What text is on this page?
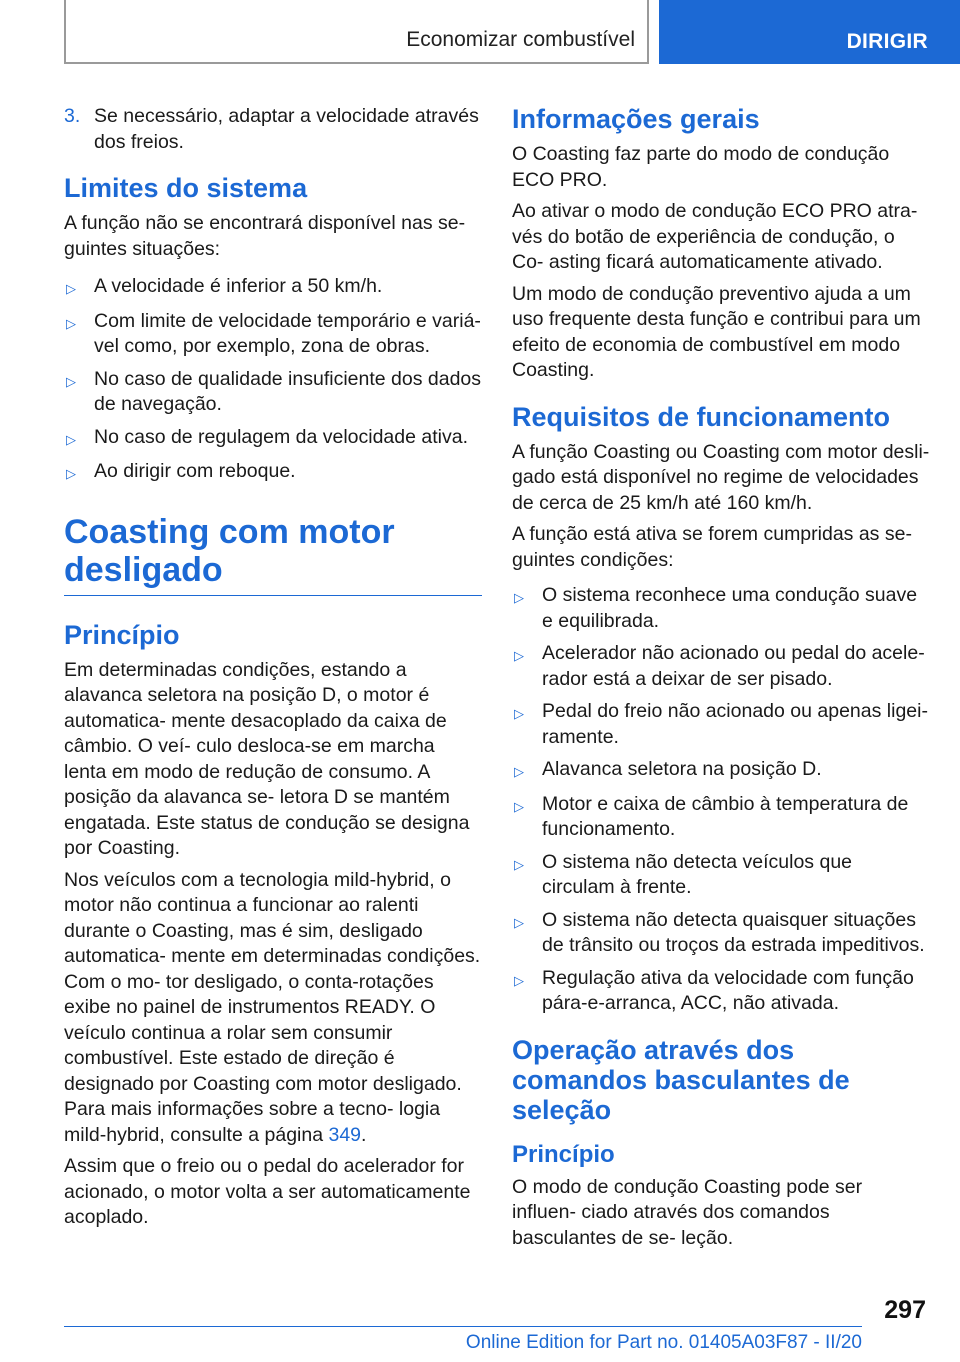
Economizar combustível	DIRIGIR
3. Se necessário, adaptar a velocidade através dos freios.
Limites do sistema

A função não se encontrará disponível nas se‐ guintes situações:

▷ A velocidade é inferior a 50 km/h.
▷ Com limite de velocidade temporário e variá‐ vel como, por exemplo, zona de obras.
▷ No caso de qualidade insuficiente dos dados de navegação.
▷ No caso de regulagem da velocidade ativa.
▷ Ao dirigir com reboque.
Coasting com motor desligado
Princípio

Em determinadas condições, estando a alavanca seletora na posição D, o motor é automatica‐ mente desacoplado da caixa de câmbio. O veí‐ culo desloca-se em marcha lenta em modo de redução de consumo. A posição da alavanca se‐ letora D se mantém engatada. Este status de condução se designa por Coasting.

Nos veículos com a tecnologia mild-hybrid, o motor não continua a funcionar ao ralenti durante o Coasting, mas é sim, desligado automatica‐ mente em determinadas condições. Com o mo‐ tor desligado, o conta-rotações exibe no painel de instrumentos READY. O veículo continua a rolar sem consumir combustível. Este estado de direção é designado por Coasting com motor desligado. Para mais informações sobre a tecno‐ logia mild-hybrid, consulte a página 349.

Assim que o freio ou o pedal do acelerador for acionado, o motor volta a ser automaticamente acoplado.

Informações gerais

O Coasting faz parte do modo de condução ECO PRO.

Ao ativar o modo de condução ECO PRO atra‐ vés do botão de experiência de condução, o Co‐ asting ficará automaticamente ativado.

Um modo de condução preventivo ajuda a um uso frequente desta função e contribui para um efeito de economia de combustível em modo Coasting.

Requisitos de funcionamento

A função Coasting ou Coasting com motor desli‐ gado está disponível no regime de velocidades de cerca de 25 km/h até 160 km/h.

A função está ativa se forem cumpridas as se‐ guintes condições:

▷ O sistema reconhece uma condução suave e equilibrada.
▷ Acelerador não acionado ou pedal do acele‐ rador está a deixar de ser pisado.
▷ Pedal do freio não acionado ou apenas ligei‐ ramente.
▷ Alavanca seletora na posição D.
▷ Motor e caixa de câmbio à temperatura de funcionamento.
▷ O sistema não detecta veículos que circulam à frente.
▷ O sistema não detecta quaisquer situações de trânsito ou troços da estrada impeditivos.
▷ Regulação ativa da velocidade com função pára-e-arranca, ACC, não ativada.
Operação através dos comandos basculantes de seleção
Princípio

O modo de condução Coasting pode ser influen‐ ciado através dos comandos basculantes de se‐ leção.

297
Online Edition for Part no. 01405A03F87 - II/20
